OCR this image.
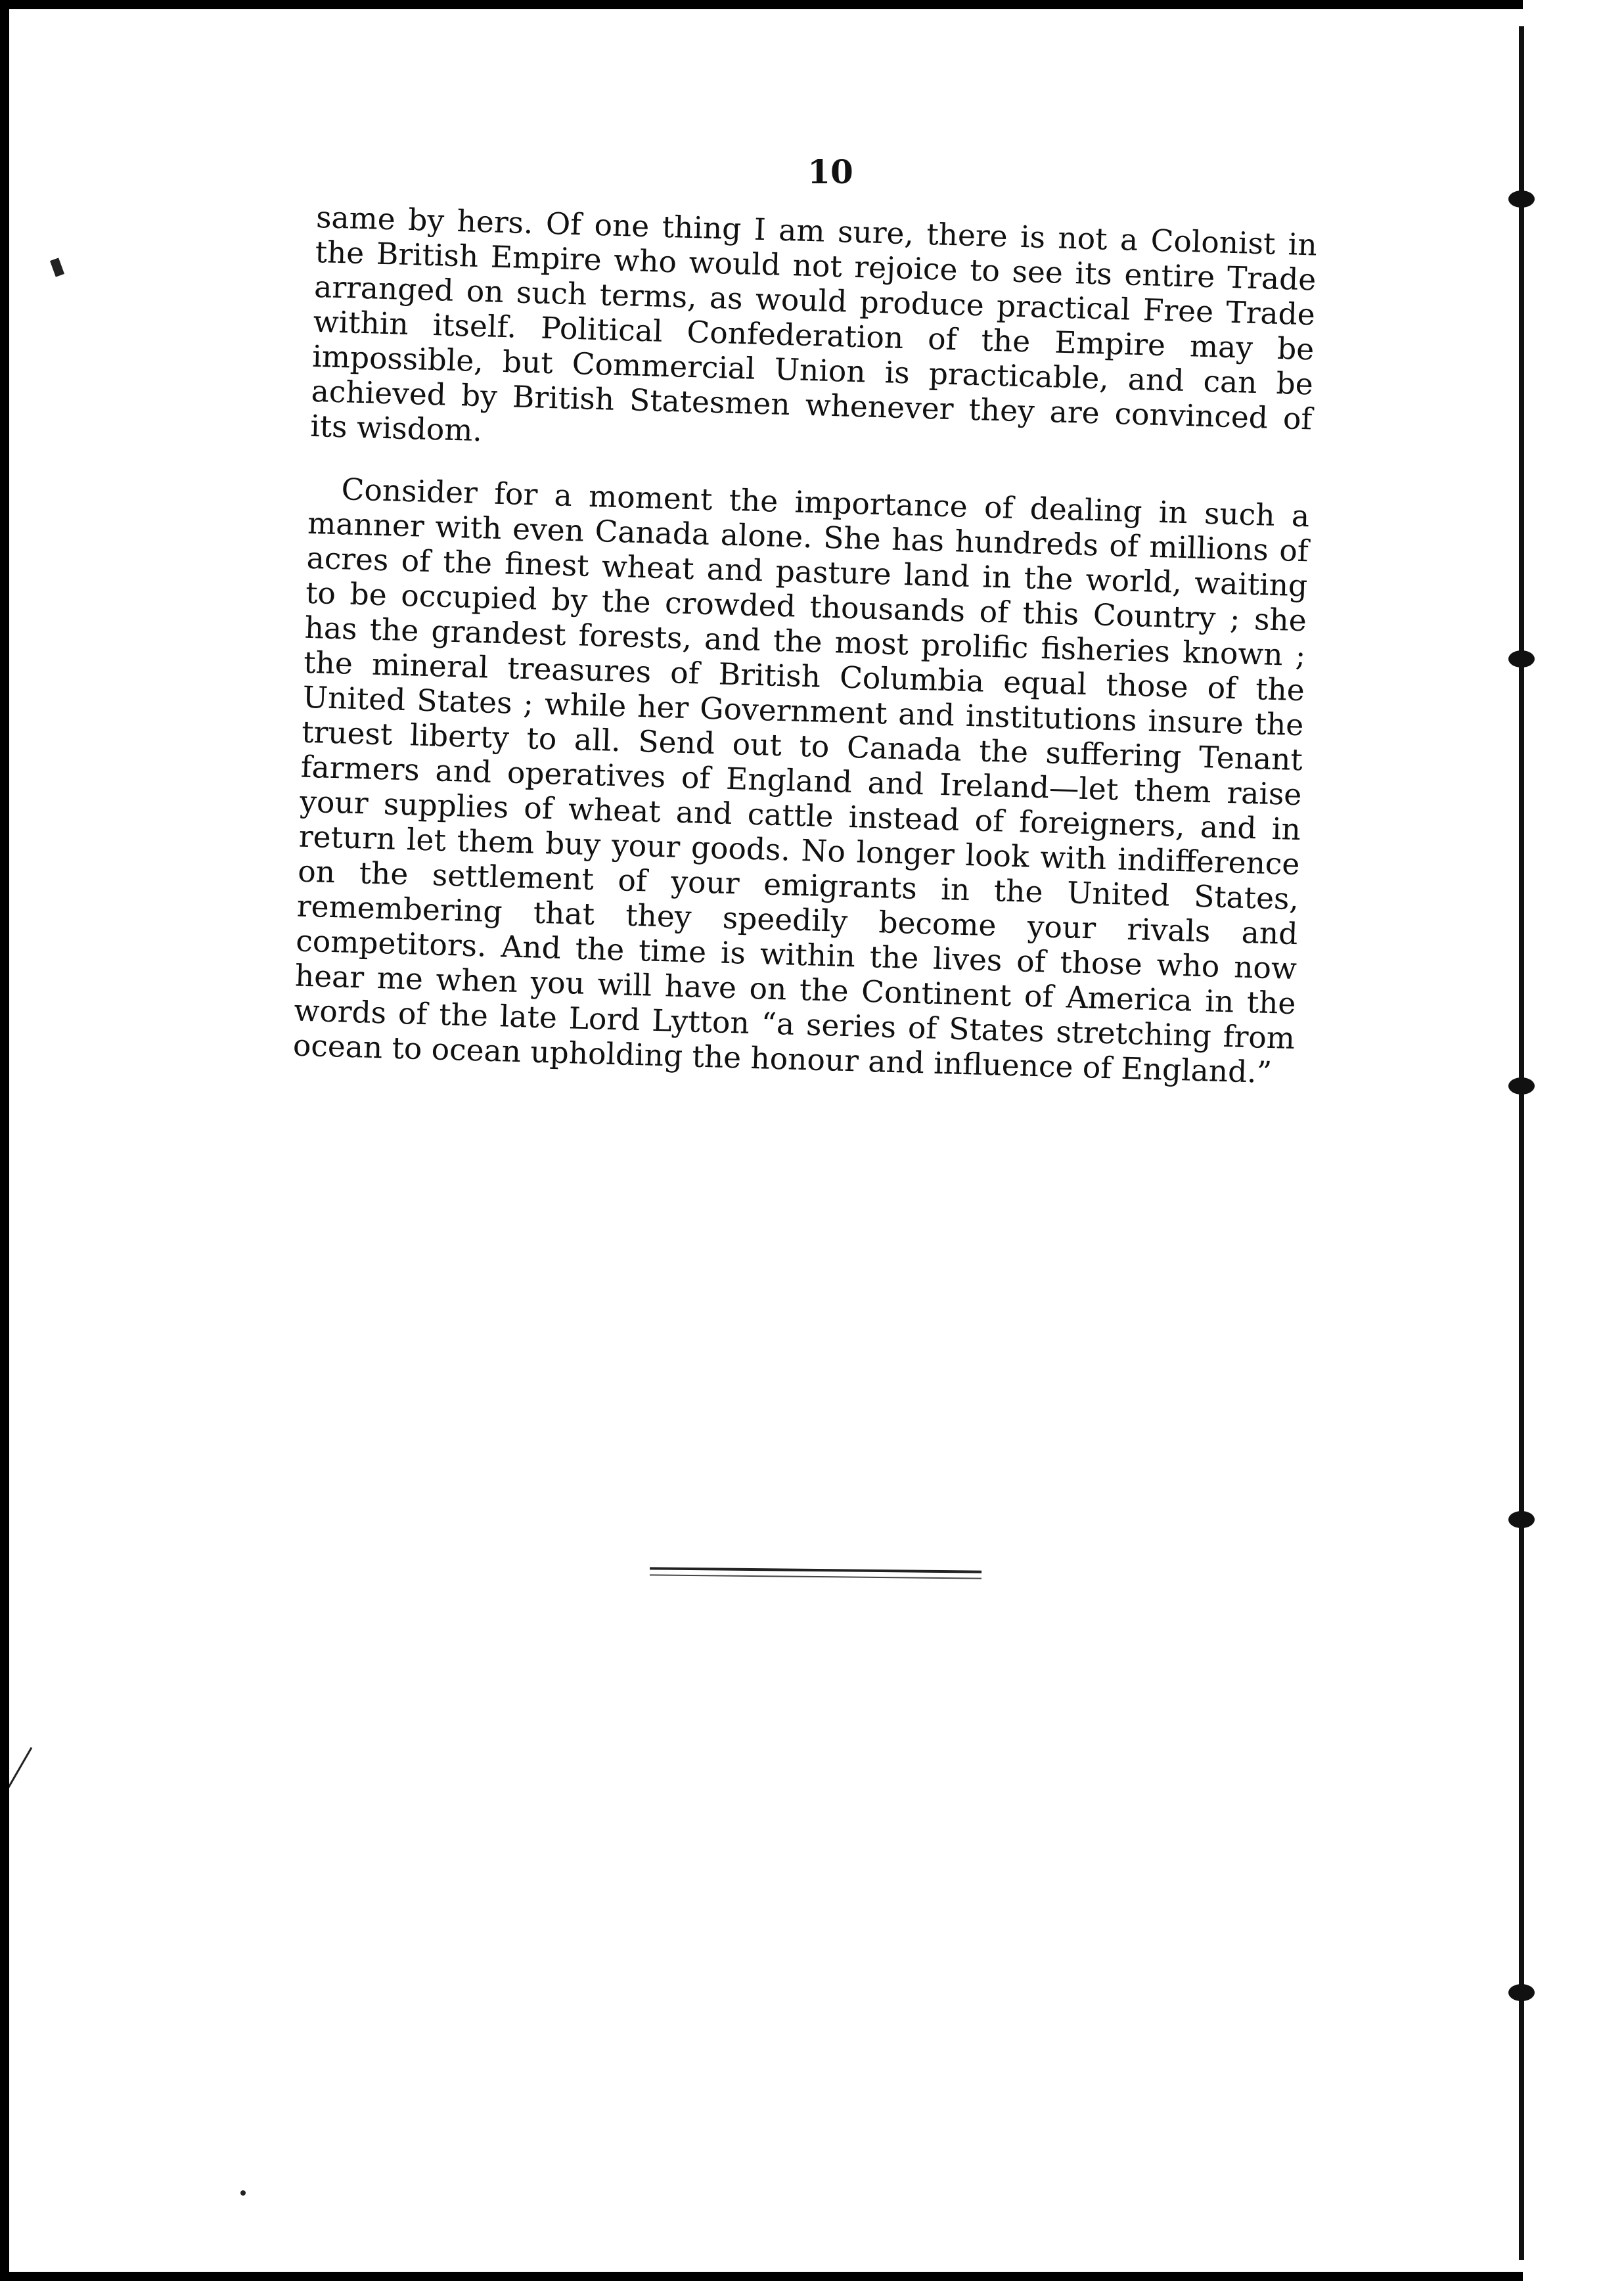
10

same by hers. Of one thing I am sure, there is not a Colonist in the British Empire who would not rejoice to see its entire Trade arranged on such terms, as would produce practical Free Trade within itself. Political Confederation of the Empire may be impossible, but Commercial Union is practicable, and can be achieved by British Statesmen whenever they are convinced of its wisdom.

Consider for a moment the importance of dealing in such a manner with even Canada alone. She has hundreds of millions of acres of the finest wheat and pasture land in the world, waiting to be occupied by the crowded thousands of this Country ; she has the grandest forests, and the most prolific fisheries known ; the mineral treasures of British Columbia equal those of the United States ; while her Government and institutions insure the truest liberty to all. Send out to Canada the suffering Tenant farmers and operatives of England and Ireland—let them raise your supplies of wheat and cattle instead of foreigners, and in return let them buy your goods. No longer look with indifference on the settlement of your emigrants in the United States, remembering that they speedily become your rivals and competitors. And the time is within the lives of those who now hear me when you will have on the Continent of America in the words of the late Lord Lytton “a series of States stretching from ocean to ocean upholding the honour and influence of England.”
